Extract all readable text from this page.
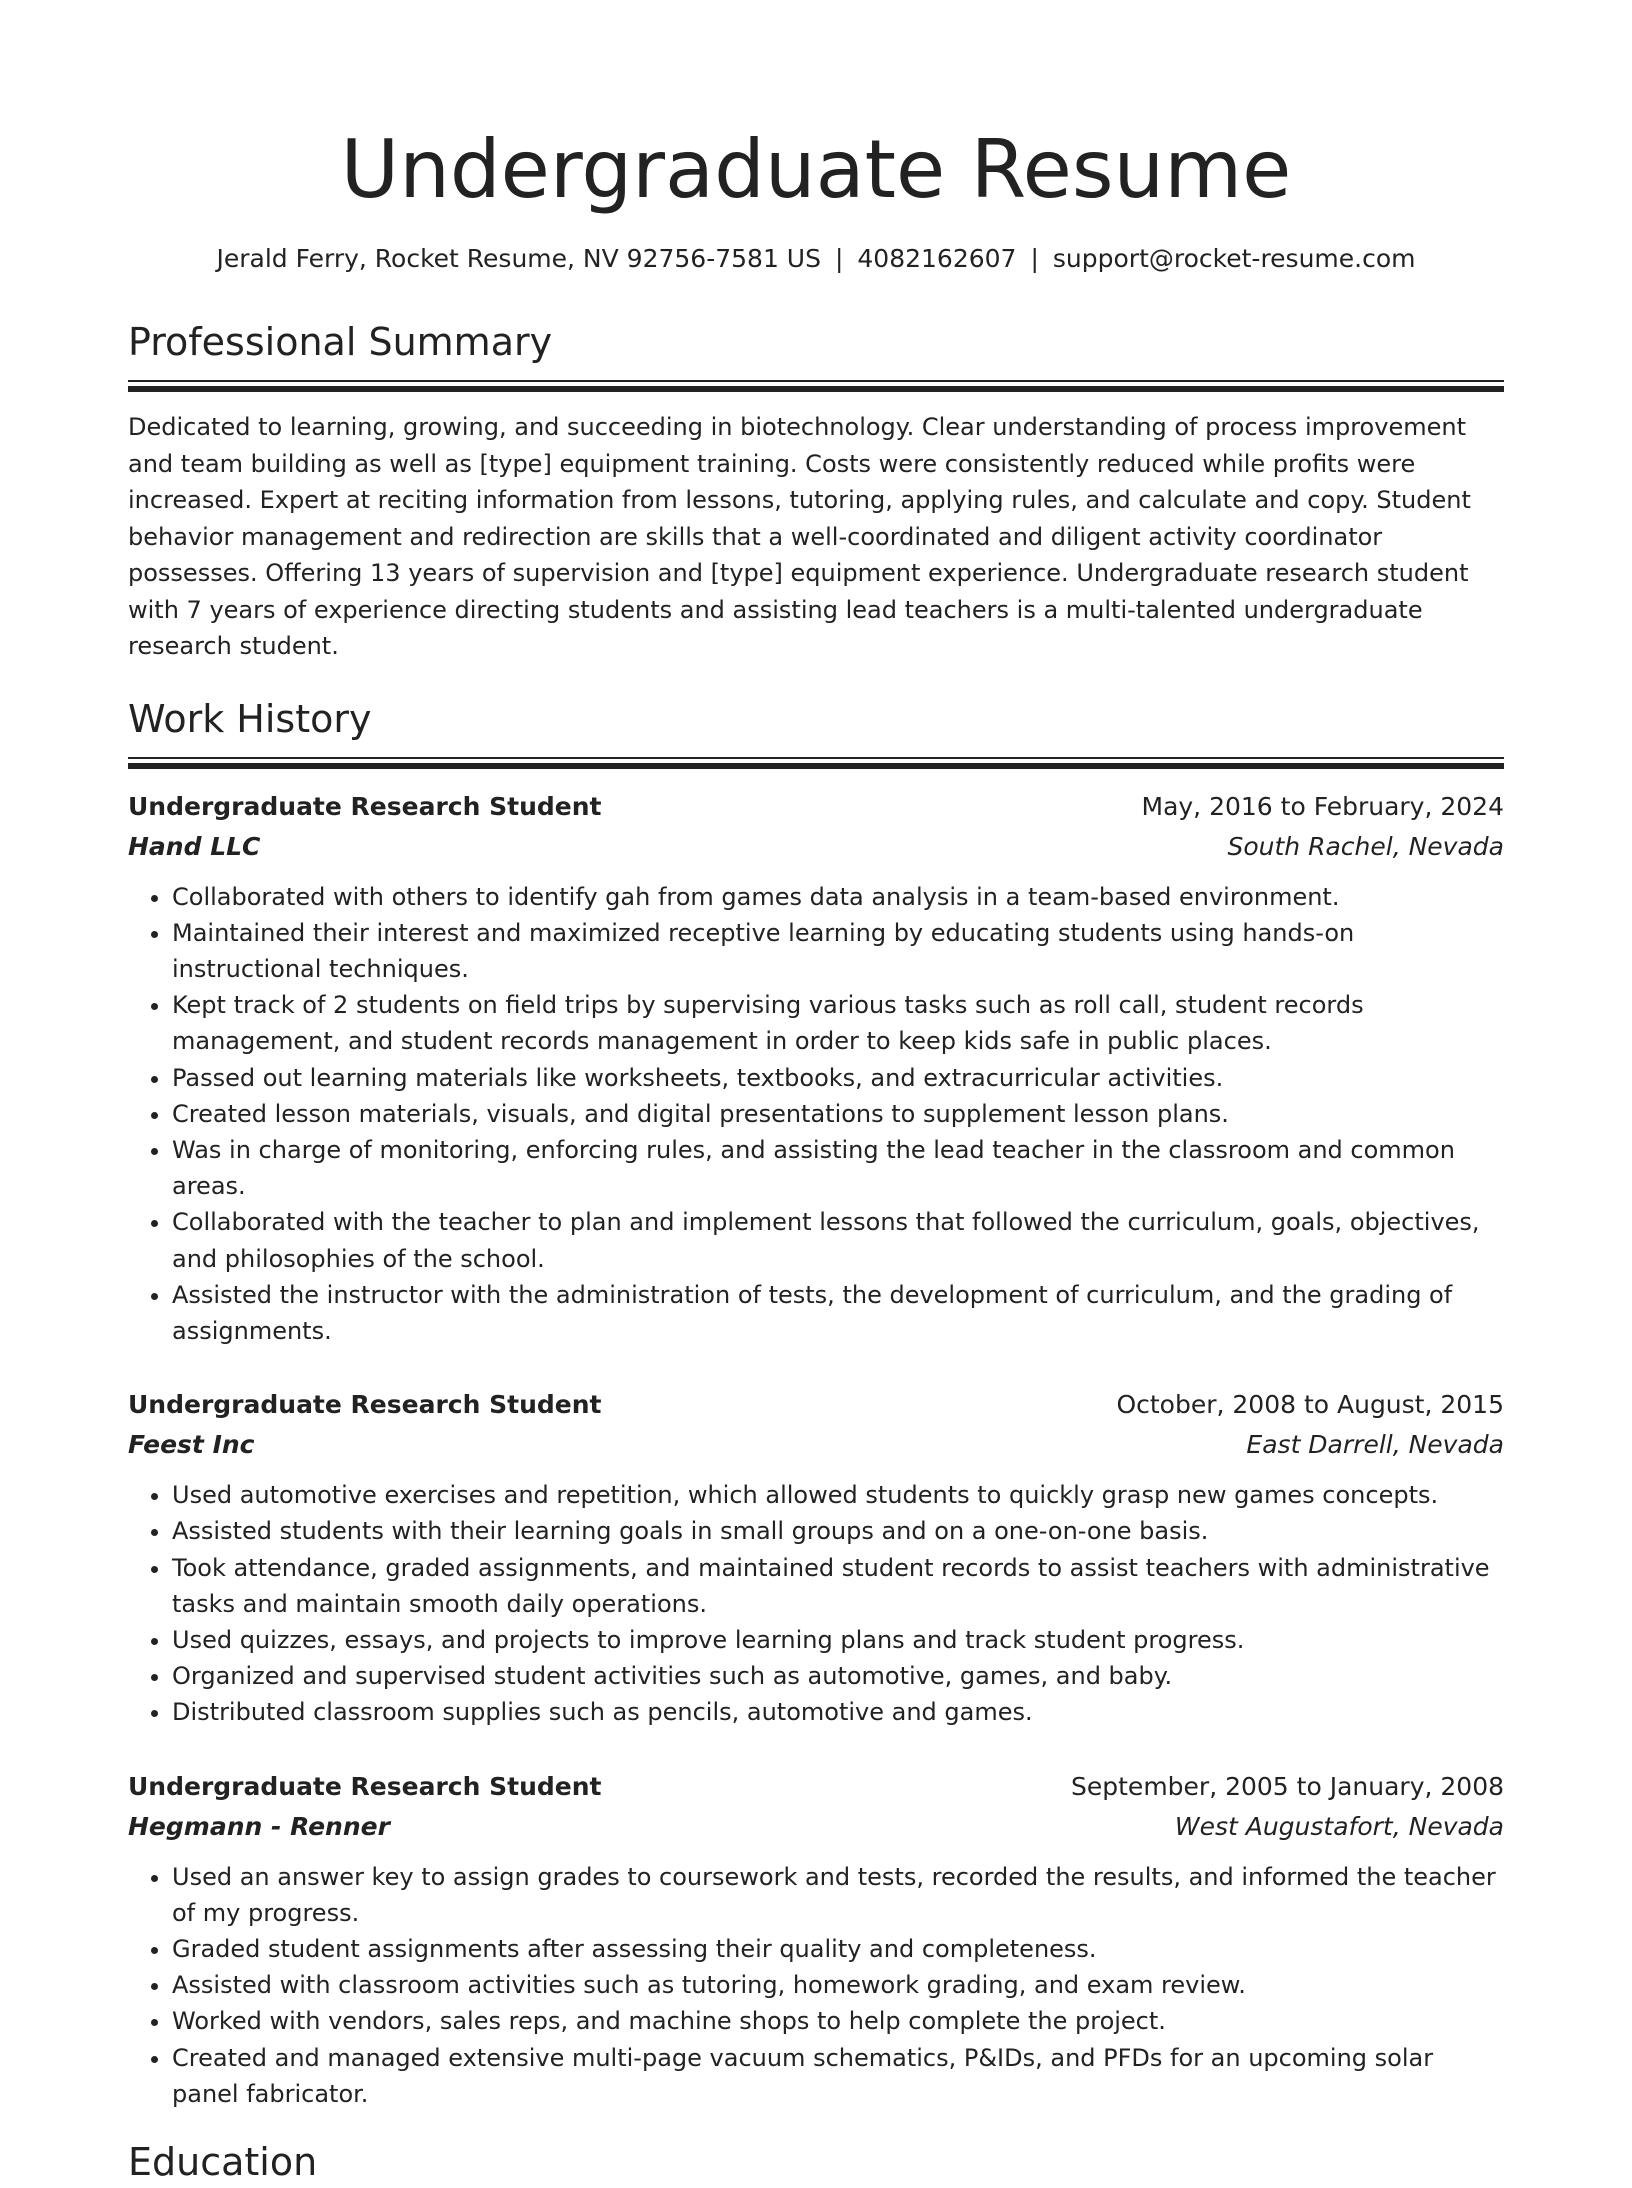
Undergraduate Resume
Jerald Ferry, Rocket Resume, NV 92756-7581 US | 4082162607 | support@rocket-resume.com
Professional Summary

Dedicated to learning, growing, and succeeding in biotechnology. Clear understanding of process improvement and team building as well as [type] equipment training. Costs were consistently reduced while profits were increased. Expert at reciting information from lessons, tutoring, applying rules, and calculate and copy. Student behavior management and redirection are skills that a well-coordinated and diligent activity coordinator possesses. Offering 13 years of supervision and [type] equipment experience. Undergraduate research student with 7 years of experience directing students and assisting lead teachers is a multi-talented undergraduate research student.

Work History
Undergraduate Research Student	May, 2016 to February, 2024
Hand LLC	South Rachel, Nevada
• Collaborated with others to identify gah from games data analysis in a team-based environment.
• Maintained their interest and maximized receptive learning by educating students using hands-on instructional techniques.
• Kept track of 2 students on field trips by supervising various tasks such as roll call, student records management, and student records management in order to keep kids safe in public places.
• Passed out learning materials like worksheets, textbooks, and extracurricular activities.
• Created lesson materials, visuals, and digital presentations to supplement lesson plans.
• Was in charge of monitoring, enforcing rules, and assisting the lead teacher in the classroom and common areas.
• Collaborated with the teacher to plan and implement lessons that followed the curriculum, goals, objectives, and philosophies of the school.
• Assisted the instructor with the administration of tests, the development of curriculum, and the grading of assignments.
Undergraduate Research Student	October, 2008 to August, 2015
Feest Inc	East Darrell, Nevada
• Used automotive exercises and repetition, which allowed students to quickly grasp new games concepts.
• Assisted students with their learning goals in small groups and on a one-on-one basis.
• Took attendance, graded assignments, and maintained student records to assist teachers with administrative tasks and maintain smooth daily operations.
• Used quizzes, essays, and projects to improve learning plans and track student progress.
• Organized and supervised student activities such as automotive, games, and baby.
• Distributed classroom supplies such as pencils, automotive and games.
Undergraduate Research Student	September, 2005 to January, 2008
Hegmann - Renner	West Augustafort, Nevada
• Used an answer key to assign grades to coursework and tests, recorded the results, and informed the teacher of my progress.
• Graded student assignments after assessing their quality and completeness.
• Assisted with classroom activities such as tutoring, homework grading, and exam review.
• Worked with vendors, sales reps, and machine shops to help complete the project.
• Created and managed extensive multi-page vacuum schematics, P&IDs, and PFDs for an upcoming solar panel fabricator.
Education
